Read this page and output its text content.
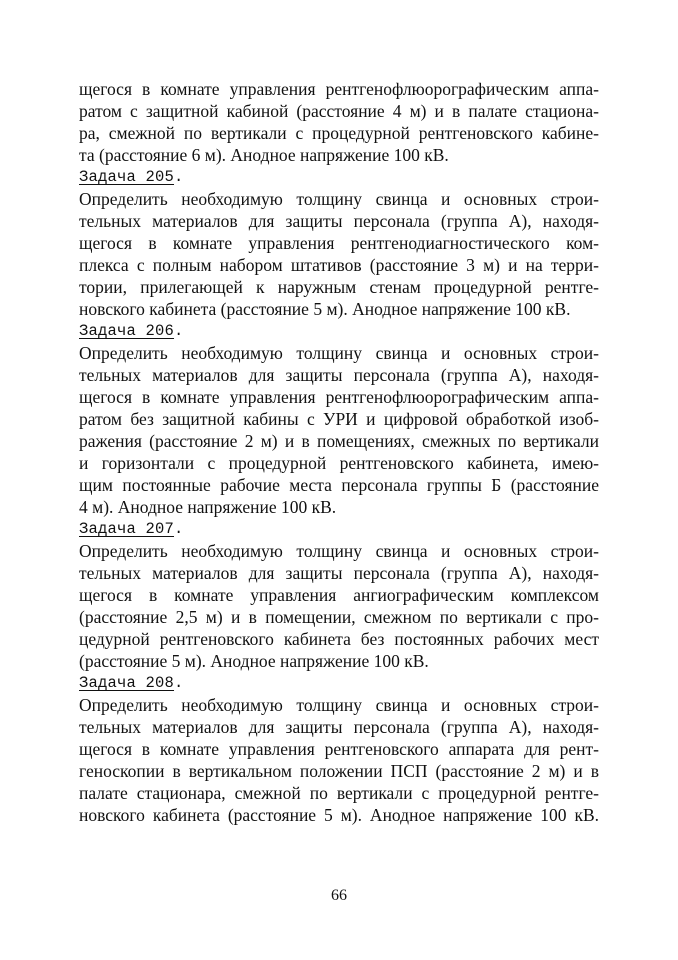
щегося в комнате управления рентгенофлюорографическим аппа-
ратом с защитной кабиной (расстояние 4 м) и в палате стациона-
ра, смежной по вертикали с процедурной рентгеновского кабине-
та (расстояние 6 м). Анодное напряжение 100 кВ.
Задача 205.
Определить необходимую толщину свинца и основных строи-
тельных материалов для защиты персонала (группа А), находя-
щегося в комнате управления рентгенодиагностического ком-
плекса с полным набором штативов (расстояние 3 м) и на терри-
тории, прилегающей к наружным стенам процедурной рентге-
новского кабинета (расстояние 5 м). Анодное напряжение 100 кВ.
Задача 206.
Определить необходимую толщину свинца и основных строи-
тельных материалов для защиты персонала (группа А), находя-
щегося в комнате управления рентгенофлюорографическим аппа-
ратом без защитной кабины с УРИ и цифровой обработкой изоб-
ражения (расстояние 2 м) и в помещениях, смежных по вертикали
и горизонтали с процедурной рентгеновского кабинета, имею-
щим постоянные рабочие места персонала группы Б (расстояние
4 м). Анодное напряжение 100 кВ.
Задача 207.
Определить необходимую толщину свинца и основных строи-
тельных материалов для защиты персонала (группа А), находя-
щегося в комнате управления ангиографическим комплексом
(расстояние 2,5 м) и в помещении, смежном по вертикали с про-
цедурной рентгеновского кабинета без постоянных рабочих мест
(расстояние 5 м). Анодное напряжение 100 кВ.
Задача 208.
Определить необходимую толщину свинца и основных строи-
тельных материалов для защиты персонала (группа А), находя-
щегося в комнате управления рентгеновского аппарата для рент-
геноскопии в вертикальном положении ПСП (расстояние 2 м) и в
палате стационара, смежной по вертикали с процедурной рентге-
новского кабинета (расстояние 5 м). Анодное напряжение 100 кВ.
66
